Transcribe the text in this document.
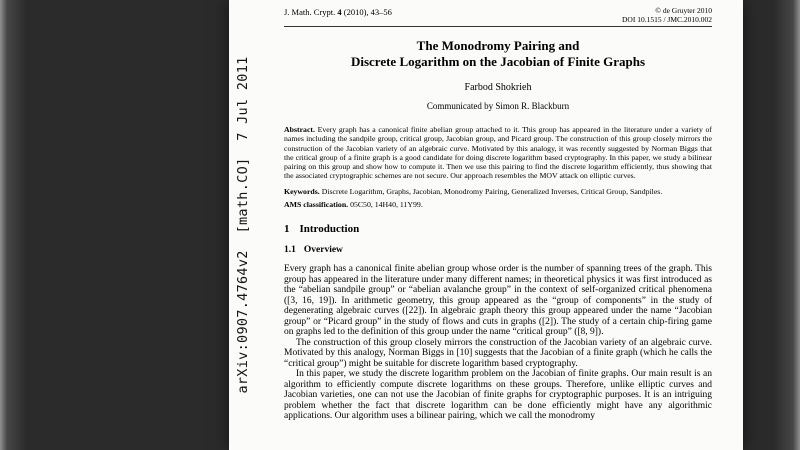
arXiv:0907.4764v2  [math.CO]  7 Jul 2011
J. Math. Crypt. 4 (2010), 43–56	© de Gruyter 2010
DOI 10.1515 / JMC.2010.002
The Monodromy Pairing and
Discrete Logarithm on the Jacobian of Finite Graphs
Farbod Shokrieh
Communicated by Simon R. Blackburn
Abstract. Every graph has a canonical finite abelian group attached to it. This group has appeared in the literature under a variety of names including the sandpile group, critical group, Jacobian group, and Picard group. The construction of this group closely mirrors the construction of the Jacobian variety of an algebraic curve. Motivated by this analogy, it was recently suggested by Norman Biggs that the critical group of a finite graph is a good candidate for doing discrete logarithm based cryptography. In this paper, we study a bilinear pairing on this group and show how to compute it. Then we use this pairing to find the discrete logarithm efficiently, thus showing that the associated cryptographic schemes are not secure. Our approach resembles the MOV attack on elliptic curves.
Keywords. Discrete Logarithm, Graphs, Jacobian, Monodromy Pairing, Generalized Inverses, Critical Group, Sandpiles.
AMS classification. 05C50, 14H40, 11Y99.
1 Introduction
1.1 Overview

Every graph has a canonical finite abelian group whose order is the number of spanning trees of the graph. This group has appeared in the literature under many different names; in theoretical physics it was first introduced as the “abelian sandpile group” or “abelian avalanche group” in the context of self-organized critical phenomena ([3, 16, 19]). In arithmetic geometry, this group appeared as the “group of components” in the study of degenerating algebraic curves ([22]). In algebraic graph theory this group appeared under the name “Jacobian group” or “Picard group” in the study of flows and cuts in graphs ([2]). The study of a certain chip-firing game on graphs led to the definition of this group under the name “critical group” ([8, 9]).

The construction of this group closely mirrors the construction of the Jacobian variety of an algebraic curve. Motivated by this analogy, Norman Biggs in [10] suggests that the Jacobian of a finite graph (which he calls the “critical group”) might be suitable for discrete logarithm based cryptography.

In this paper, we study the discrete logarithm problem on the Jacobian of finite graphs. Our main result is an algorithm to efficiently compute discrete logarithms on these groups. Therefore, unlike elliptic curves and Jacobian varieties, one can not use the Jacobian of finite graphs for cryptographic purposes. It is an intriguing problem whether the fact that discrete logarithm can be done efficiently might have any algorithmic applications. Our algorithm uses a bilinear pairing, which we call the monodromy
